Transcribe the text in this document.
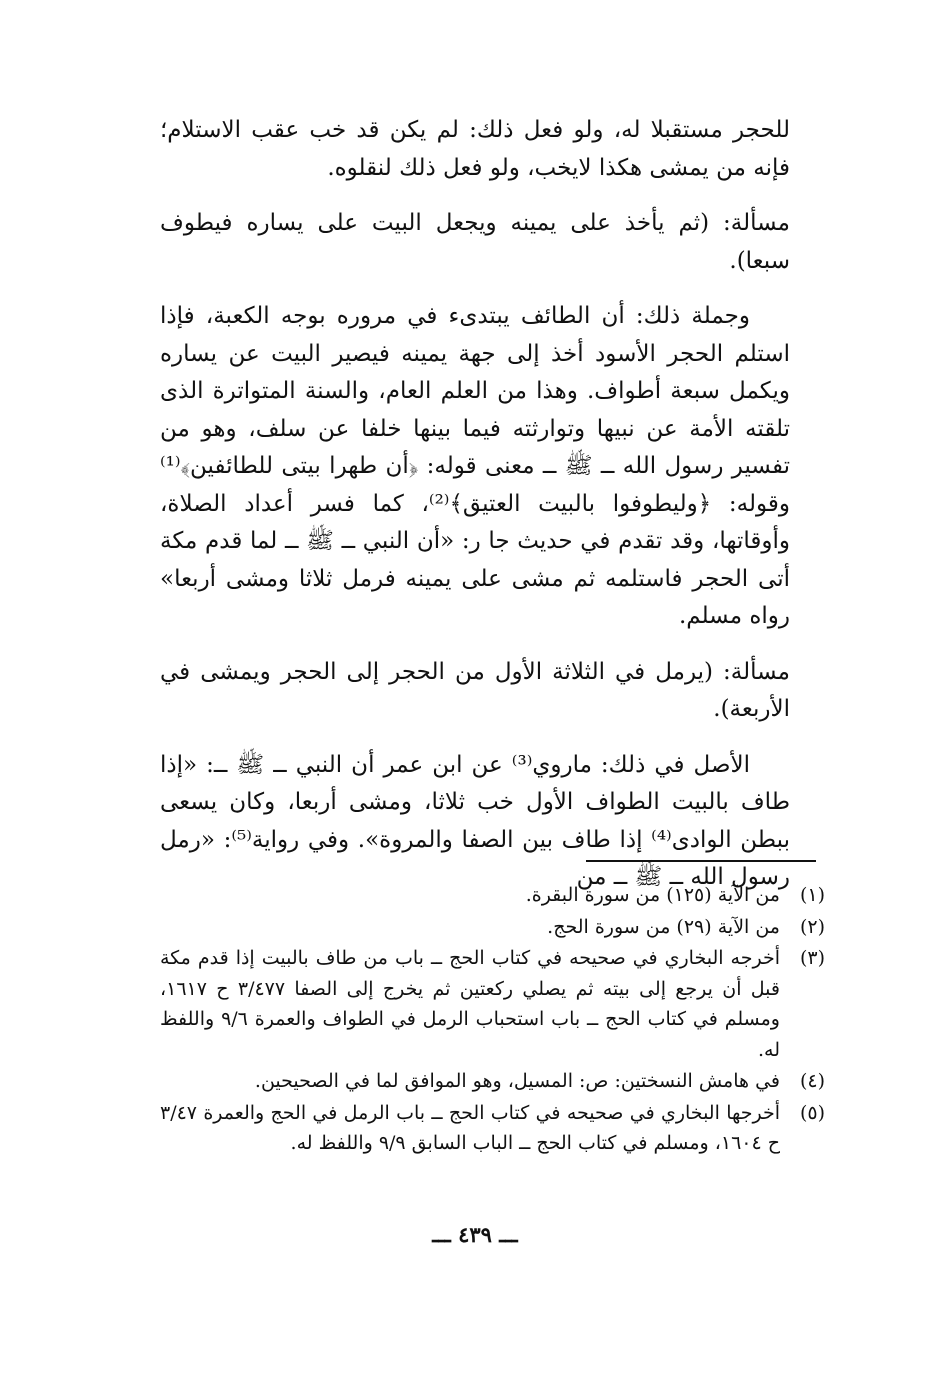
للحجر مستقبلا له، ولو فعل ذلك: لم يكن قد خب عقب الاستلام؛ فإنه من يمشى هكذا لايخب، ولو فعل ذلك لنقلوه.

مسألة: (ثم يأخذ على يمينه ويجعل البيت على يساره فيطوف سبعا).

وجملة ذلك: أن الطائف يبتدىء في مروره بوجه الكعبة، فإذا استلم الحجر الأسود أخذ إلى جهة يمينه فيصير البيت عن يساره ويكمل سبعة أطواف. وهذا من العلم العام، والسنة المتواترة الذى تلقته الأمة عن نبيها وتوارثته فيما بينها خلفا عن سلف، وهو من تفسير رسول الله ــ ﷺ ــ معنى قوله: ﴿أن طهرا بيتى للطائفين﴾⁽¹⁾ وقوله: ﴿وليطوفوا بالبيت العتيق﴾⁽²⁾، كما فسر أعداد الصلاة، وأوقاتها، وقد تقدم في حديث جا ر: «أن النبي ــ ﷺ ــ لما قدم مكة أتى الحجر فاستلمه ثم مشى على يمينه فرمل ثلاثا ومشى أربعا» رواه مسلم.

مسألة: (يرمل في الثلاثة الأول من الحجر إلى الحجر ويمشى في الأربعة).

الأصل في ذلك: ماروي⁽³⁾ عن ابن عمر أن النبي ــ ﷺ ــ: «إذا طاف بالبيت الطواف الأول خب ثلاثا، ومشى أربعا، وكان يسعى ببطن الوادى⁽⁴⁾ إذا طاف بين الصفا والمروة». وفي رواية⁽⁵⁾: «رمل رسول الله ــ ﷺ ــ من

(١)
من الآية (١٢٥) من سورة البقرة.
(٢)
من الآية (٢٩) من سورة الحج.
(٣)
أخرجه البخاري في صحيحه في كتاب الحج ــ باب من طاف بالبيت إذا قدم مكة قبل أن يرجع إلى بيته ثم يصلي ركعتين ثم يخرج إلى الصفا ٣/٤٧٧ ح ١٦١٧، ومسلم في كتاب الحج ــ باب استحباب الرمل في الطواف والعمرة ٩/٦ واللفظ له.
(٤)
في هامش النسختين: ص: المسيل، وهو الموافق لما في الصحيحين.
(٥)
أخرجها البخاري في صحيحه في كتاب الحج ــ باب الرمل في الحج والعمرة ٣/٤٧ ح ١٦٠٤، ومسلم في كتاب الحج ــ الباب السابق ٩/٩ واللفظ له.
ـــ ٤٣٩ ـــ
